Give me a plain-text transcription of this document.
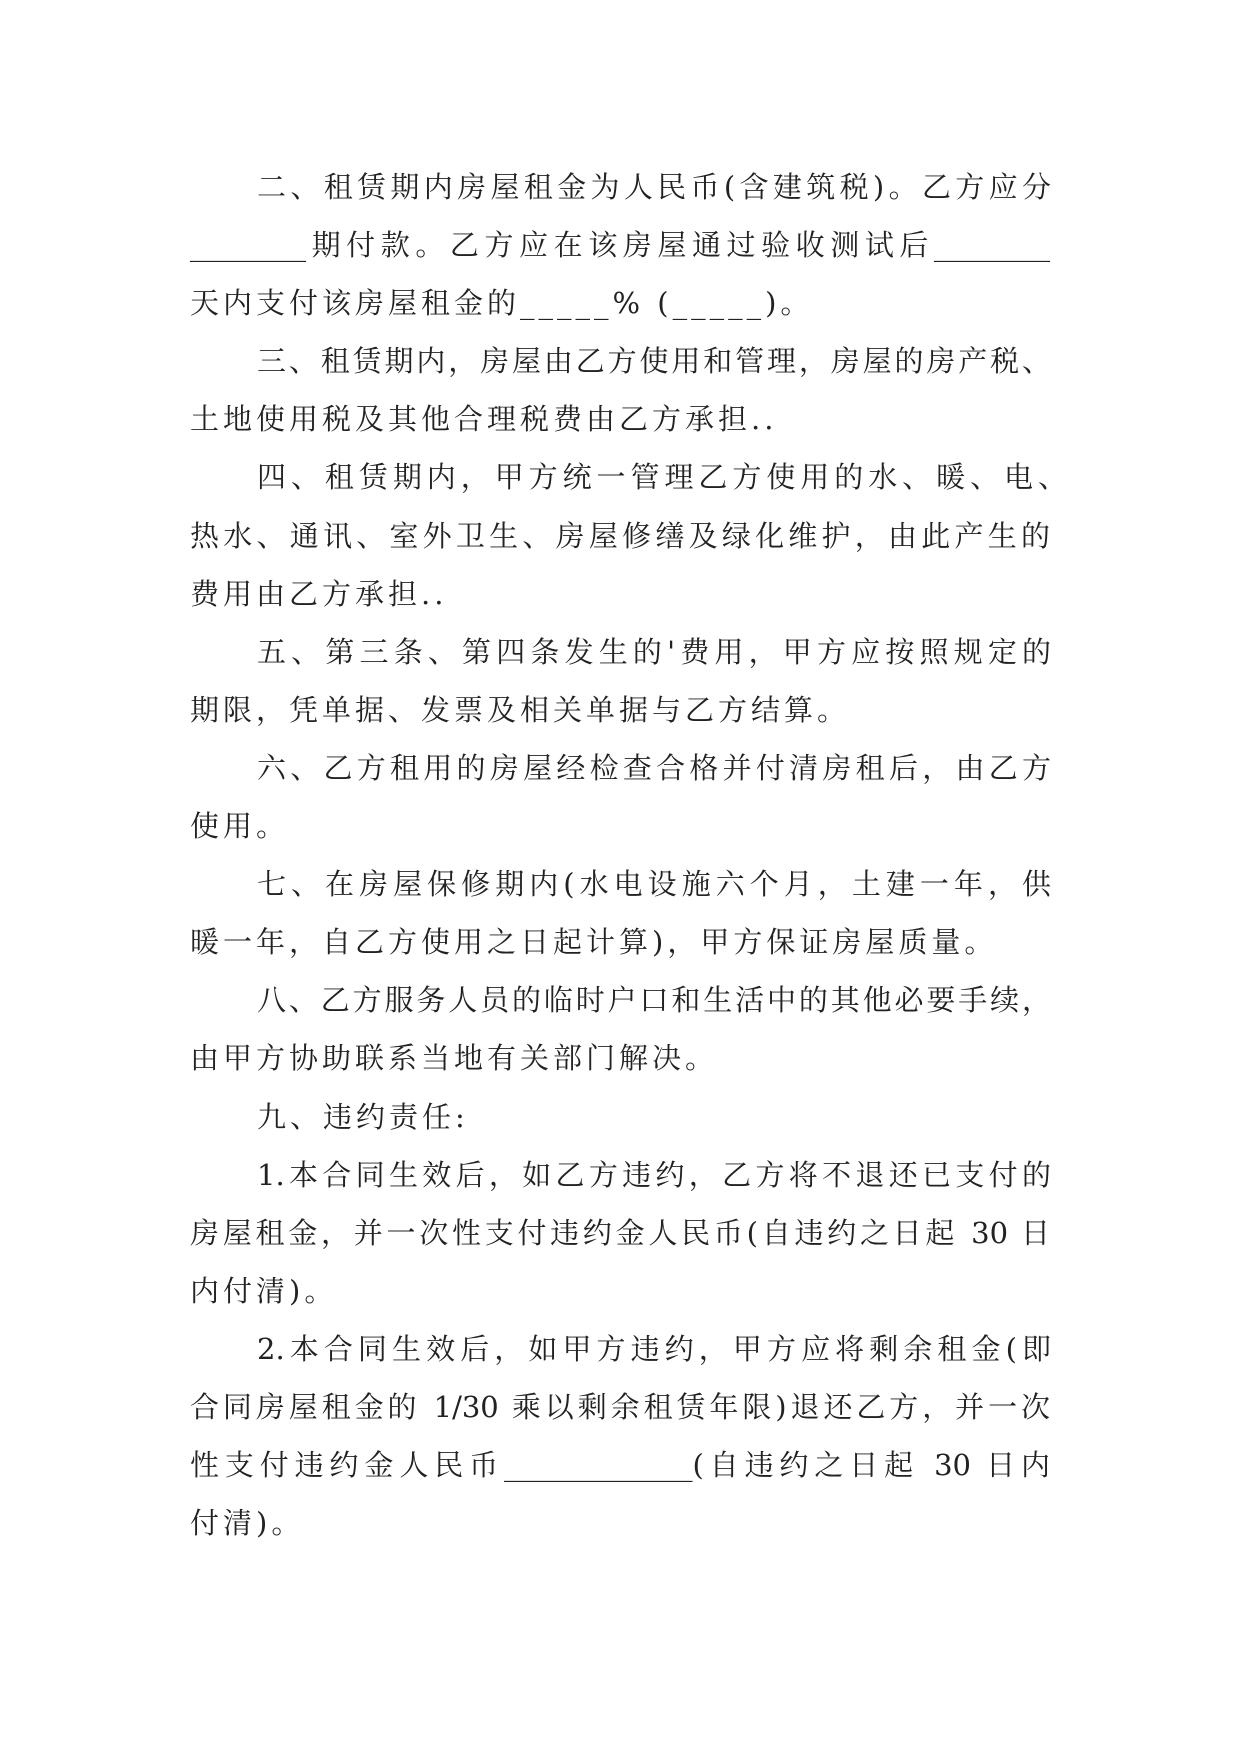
二、租赁期内房屋租金为人民币(含建筑税)。乙方应分
________期付款。乙方应在该房屋通过验收测试后________
天内支付该房屋租金的_____% (_____)。
三、租赁期内，房屋由乙方使用和管理，房屋的房产税、
土地使用税及其他合理税费由乙方承担..
四、租赁期内，甲方统一管理乙方使用的水、暖、电、
热水、通讯、室外卫生、房屋修缮及绿化维护，由此产生的
费用由乙方承担..
五、第三条、第四条发生的'费用，甲方应按照规定的
期限，凭单据、发票及相关单据与乙方结算。
六、乙方租用的房屋经检查合格并付清房租后，由乙方
使用。
七、在房屋保修期内(水电设施六个月，土建一年，供
暖一年，自乙方使用之日起计算)，甲方保证房屋质量。
八、乙方服务人员的临时户口和生活中的其他必要手续，
由甲方协助联系当地有关部门解决。
九、违约责任:
1.本合同生效后，如乙方违约，乙方将不退还已支付的
房屋租金，并一次性支付违约金人民币(自违约之日起 30 日
内付清)。
2.本合同生效后，如甲方违约，甲方应将剩余租金(即
合同房屋租金的 1/30 乘以剩余租赁年限)退还乙方，并一次
性支付违约金人民币_____________(自违约之日起 30 日内
付清)。
